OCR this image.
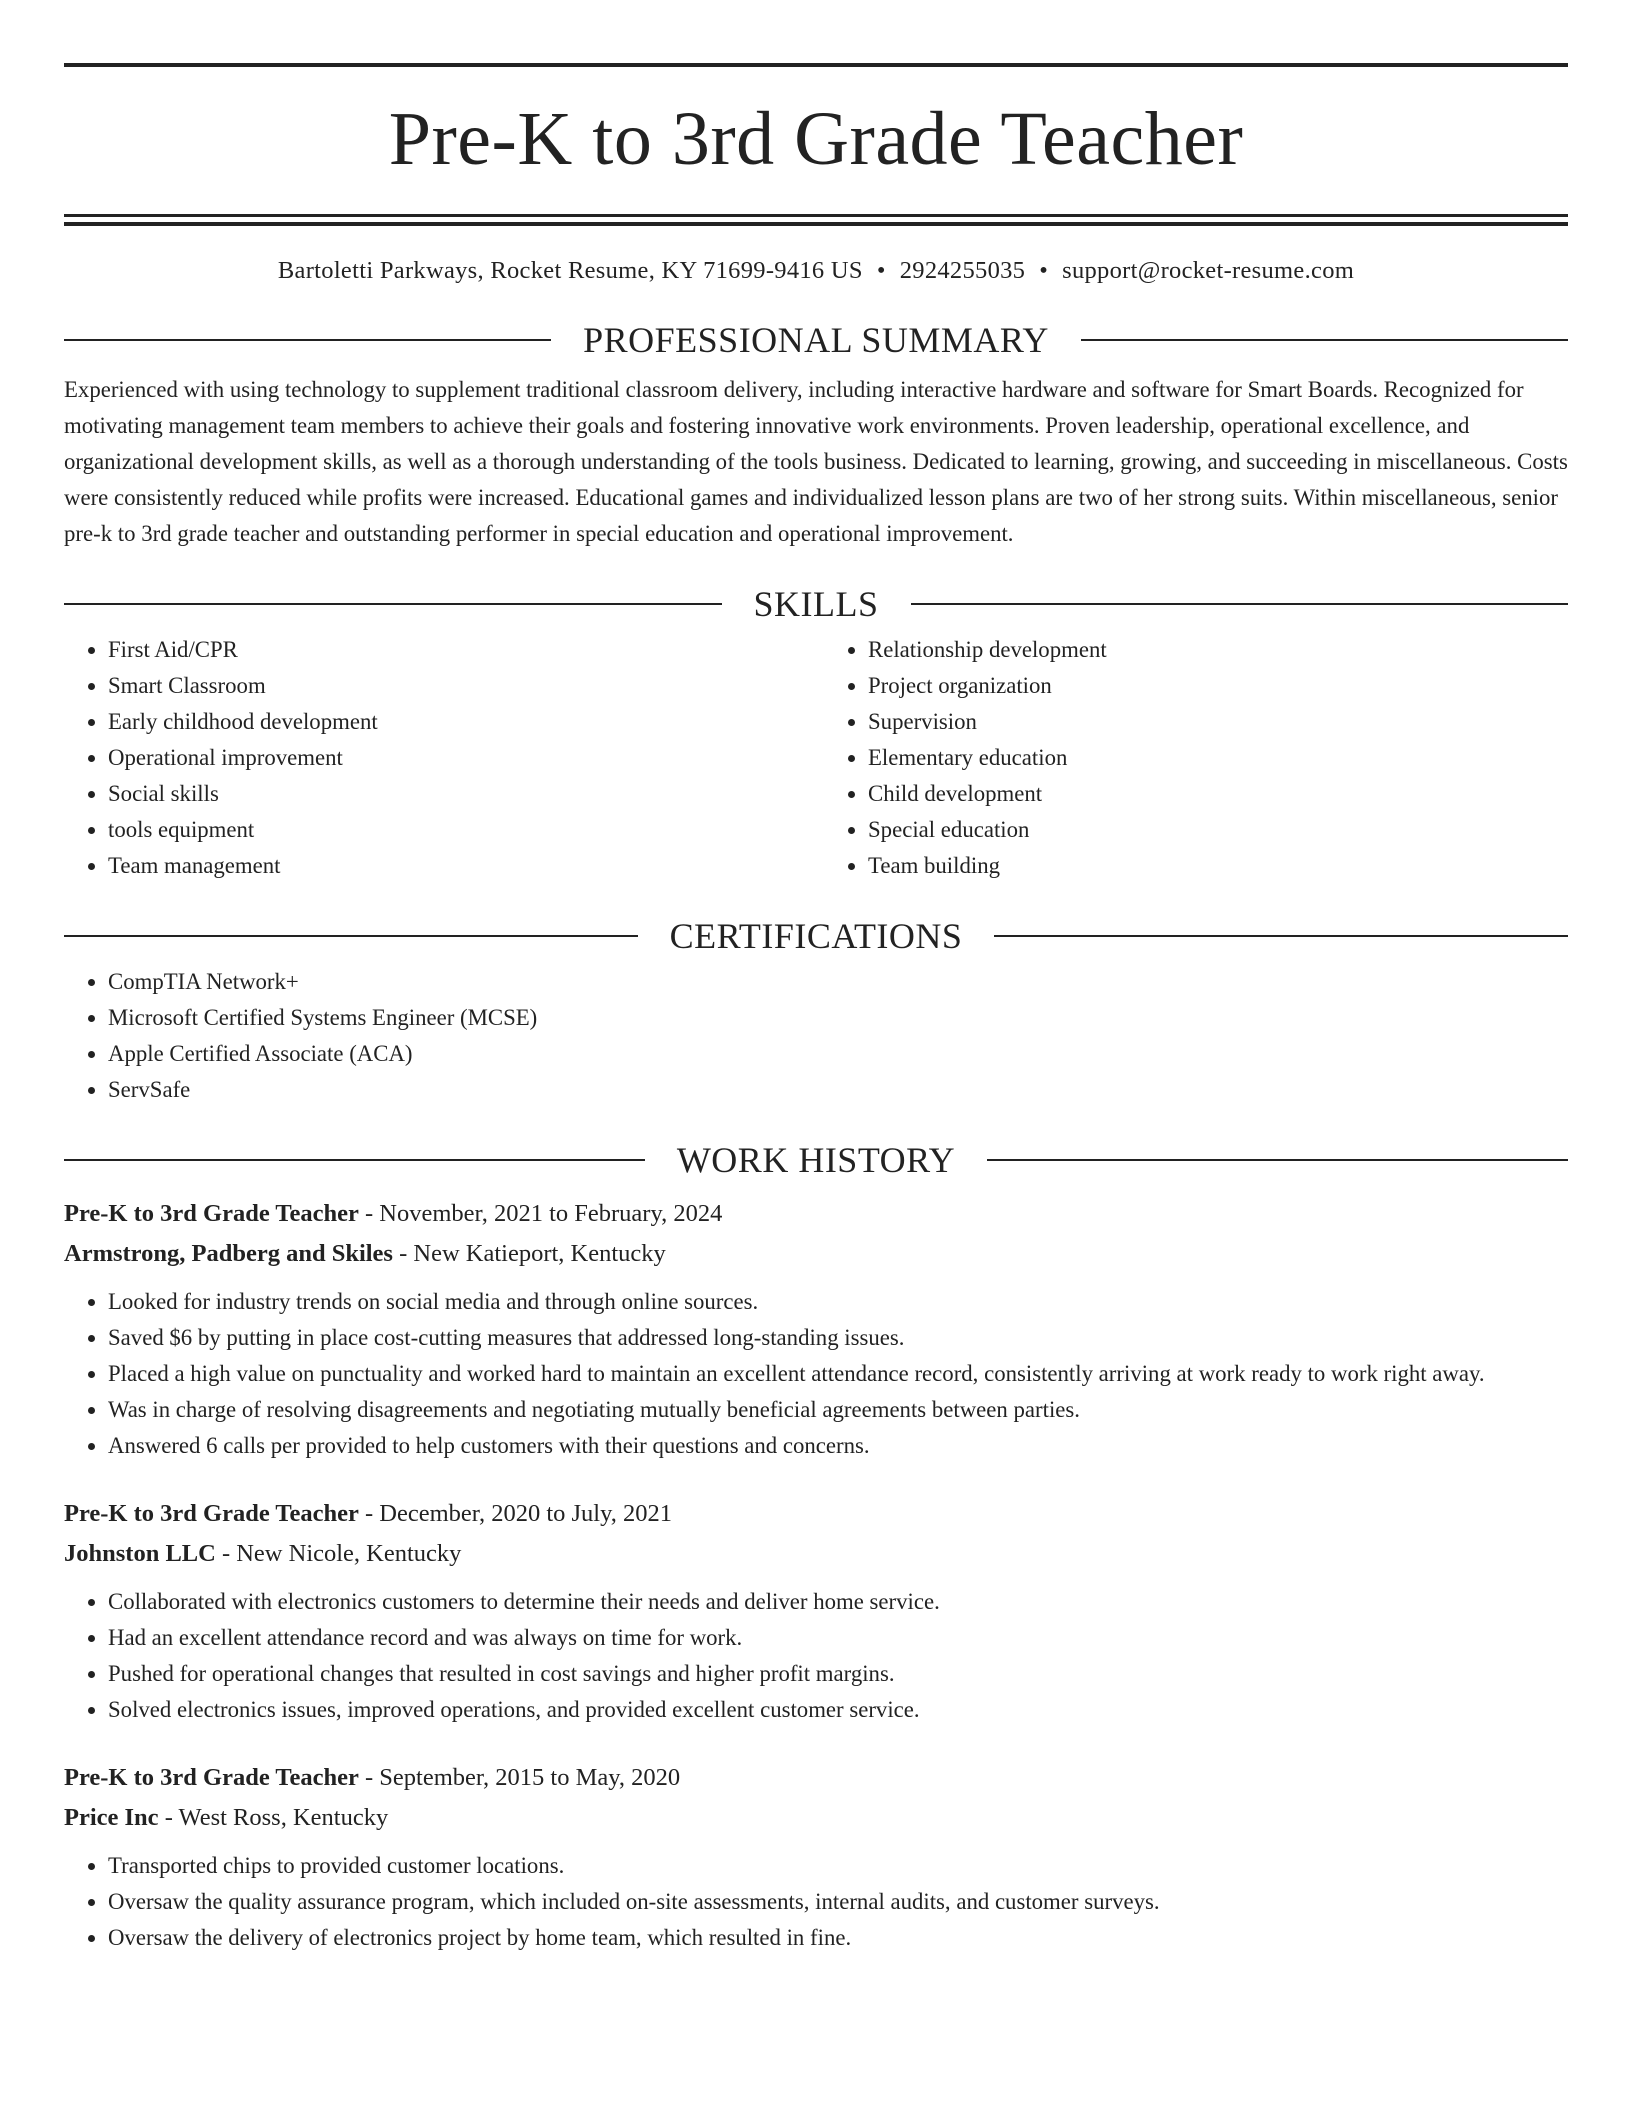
Pre-K to 3rd Grade Teacher
Bartoletti Parkways, Rocket Resume, KY 71699-9416 US • 2924255035 • support@rocket-resume.com
PROFESSIONAL SUMMARY

Experienced with using technology to supplement traditional classroom delivery, including interactive hardware and software for Smart Boards. Recognized for motivating management team members to achieve their goals and fostering innovative work environments. Proven leadership, operational excellence, and organizational development skills, as well as a thorough understanding of the tools business. Dedicated to learning, growing, and succeeding in miscellaneous. Costs were consistently reduced while profits were increased. Educational games and individualized lesson plans are two of her strong suits. Within miscellaneous, senior pre-k to 3rd grade teacher and outstanding performer in special education and operational improvement.

SKILLS
• First Aid/CPR
• Smart Classroom
• Early childhood development
• Operational improvement
• Social skills
• tools equipment
• Team management
• Relationship development
• Project organization
• Supervision
• Elementary education
• Child development
• Special education
• Team building
CERTIFICATIONS
• CompTIA Network+
• Microsoft Certified Systems Engineer (MCSE)
• Apple Certified Associate (ACA)
• ServSafe
WORK HISTORY
Pre-K to 3rd Grade Teacher - November, 2021 to February, 2024
Armstrong, Padberg and Skiles - New Katieport, Kentucky
• Looked for industry trends on social media and through online sources.
• Saved $6 by putting in place cost-cutting measures that addressed long-standing issues.
• Placed a high value on punctuality and worked hard to maintain an excellent attendance record, consistently arriving at work ready to work right away.
• Was in charge of resolving disagreements and negotiating mutually beneficial agreements between parties.
• Answered 6 calls per provided to help customers with their questions and concerns.
Pre-K to 3rd Grade Teacher - December, 2020 to July, 2021
Johnston LLC - New Nicole, Kentucky
• Collaborated with electronics customers to determine their needs and deliver home service.
• Had an excellent attendance record and was always on time for work.
• Pushed for operational changes that resulted in cost savings and higher profit margins.
• Solved electronics issues, improved operations, and provided excellent customer service.
Pre-K to 3rd Grade Teacher - September, 2015 to May, 2020
Price Inc - West Ross, Kentucky
• Transported chips to provided customer locations.
• Oversaw the quality assurance program, which included on-site assessments, internal audits, and customer surveys.
• Oversaw the delivery of electronics project by home team, which resulted in fine.
